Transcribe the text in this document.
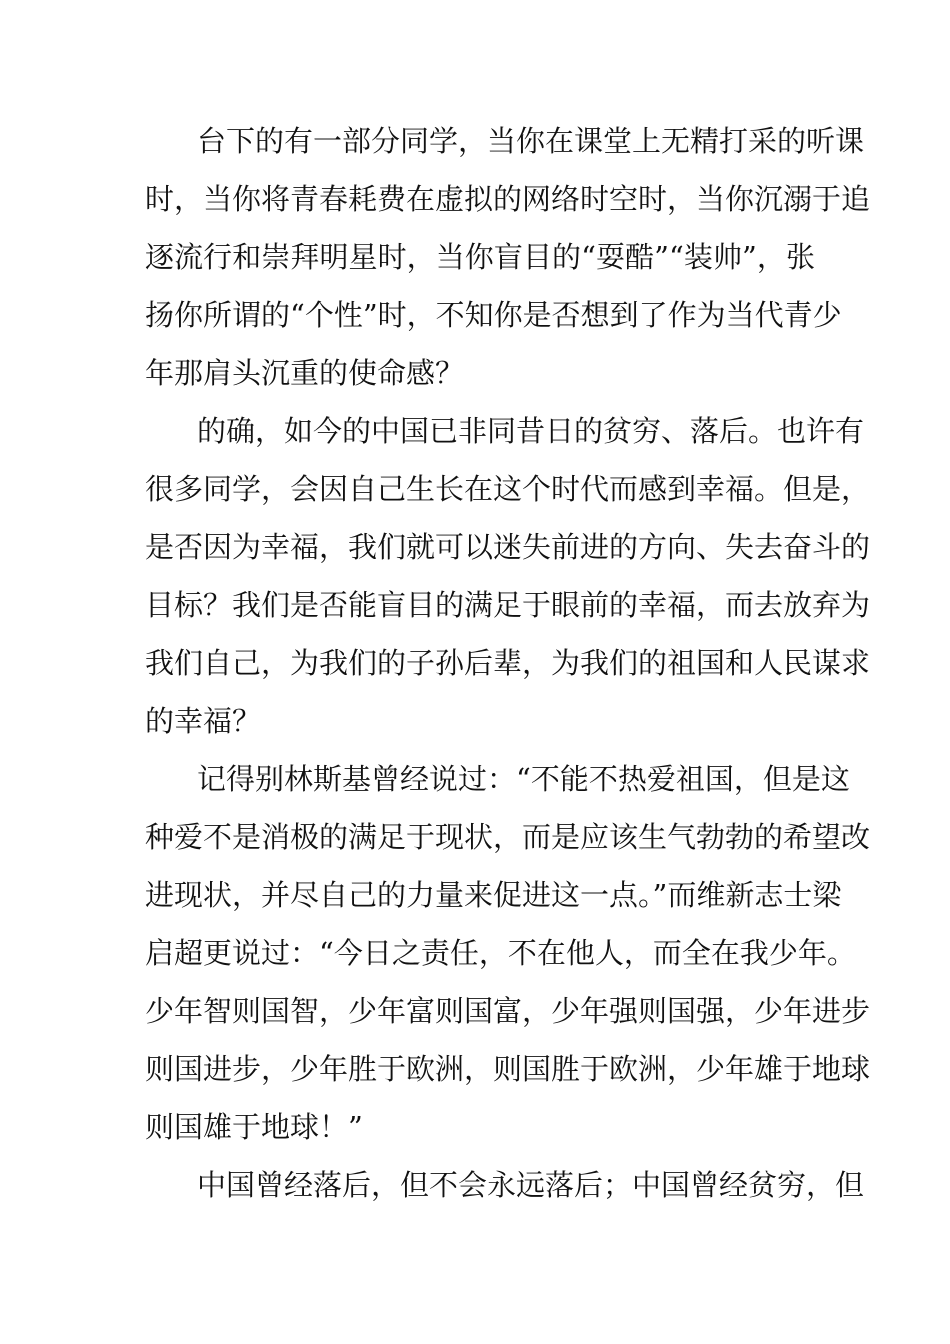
台下的有一部分同学，当你在课堂上无精打采的听课
时，当你将青春耗费在虚拟的网络时空时，当你沉溺于追
逐流行和崇拜明星时，当你盲目的“耍酷”“装帅”，张
扬你所谓的“个性”时，不知你是否想到了作为当代青少
年那肩头沉重的使命感？
的确，如今的中国已非同昔日的贫穷、落后。也许有
很多同学，会因自己生长在这个时代而感到幸福。但是，
是否因为幸福，我们就可以迷失前进的方向、失去奋斗的
目标？我们是否能盲目的满足于眼前的幸福，而去放弃为
我们自己，为我们的子孙后辈，为我们的祖国和人民谋求
的幸福？
记得别林斯基曾经说过：“不能不热爱祖国，但是这
种爱不是消极的满足于现状，而是应该生气勃勃的希望改
进现状，并尽自己的力量来促进这一点。”而维新志士梁
启超更说过：“今日之责任，不在他人，而全在我少年。
少年智则国智，少年富则国富，少年强则国强，少年进步
则国进步，少年胜于欧洲，则国胜于欧洲，少年雄于地球
则国雄于地球！”
中国曾经落后，但不会永远落后；中国曾经贫穷，但
